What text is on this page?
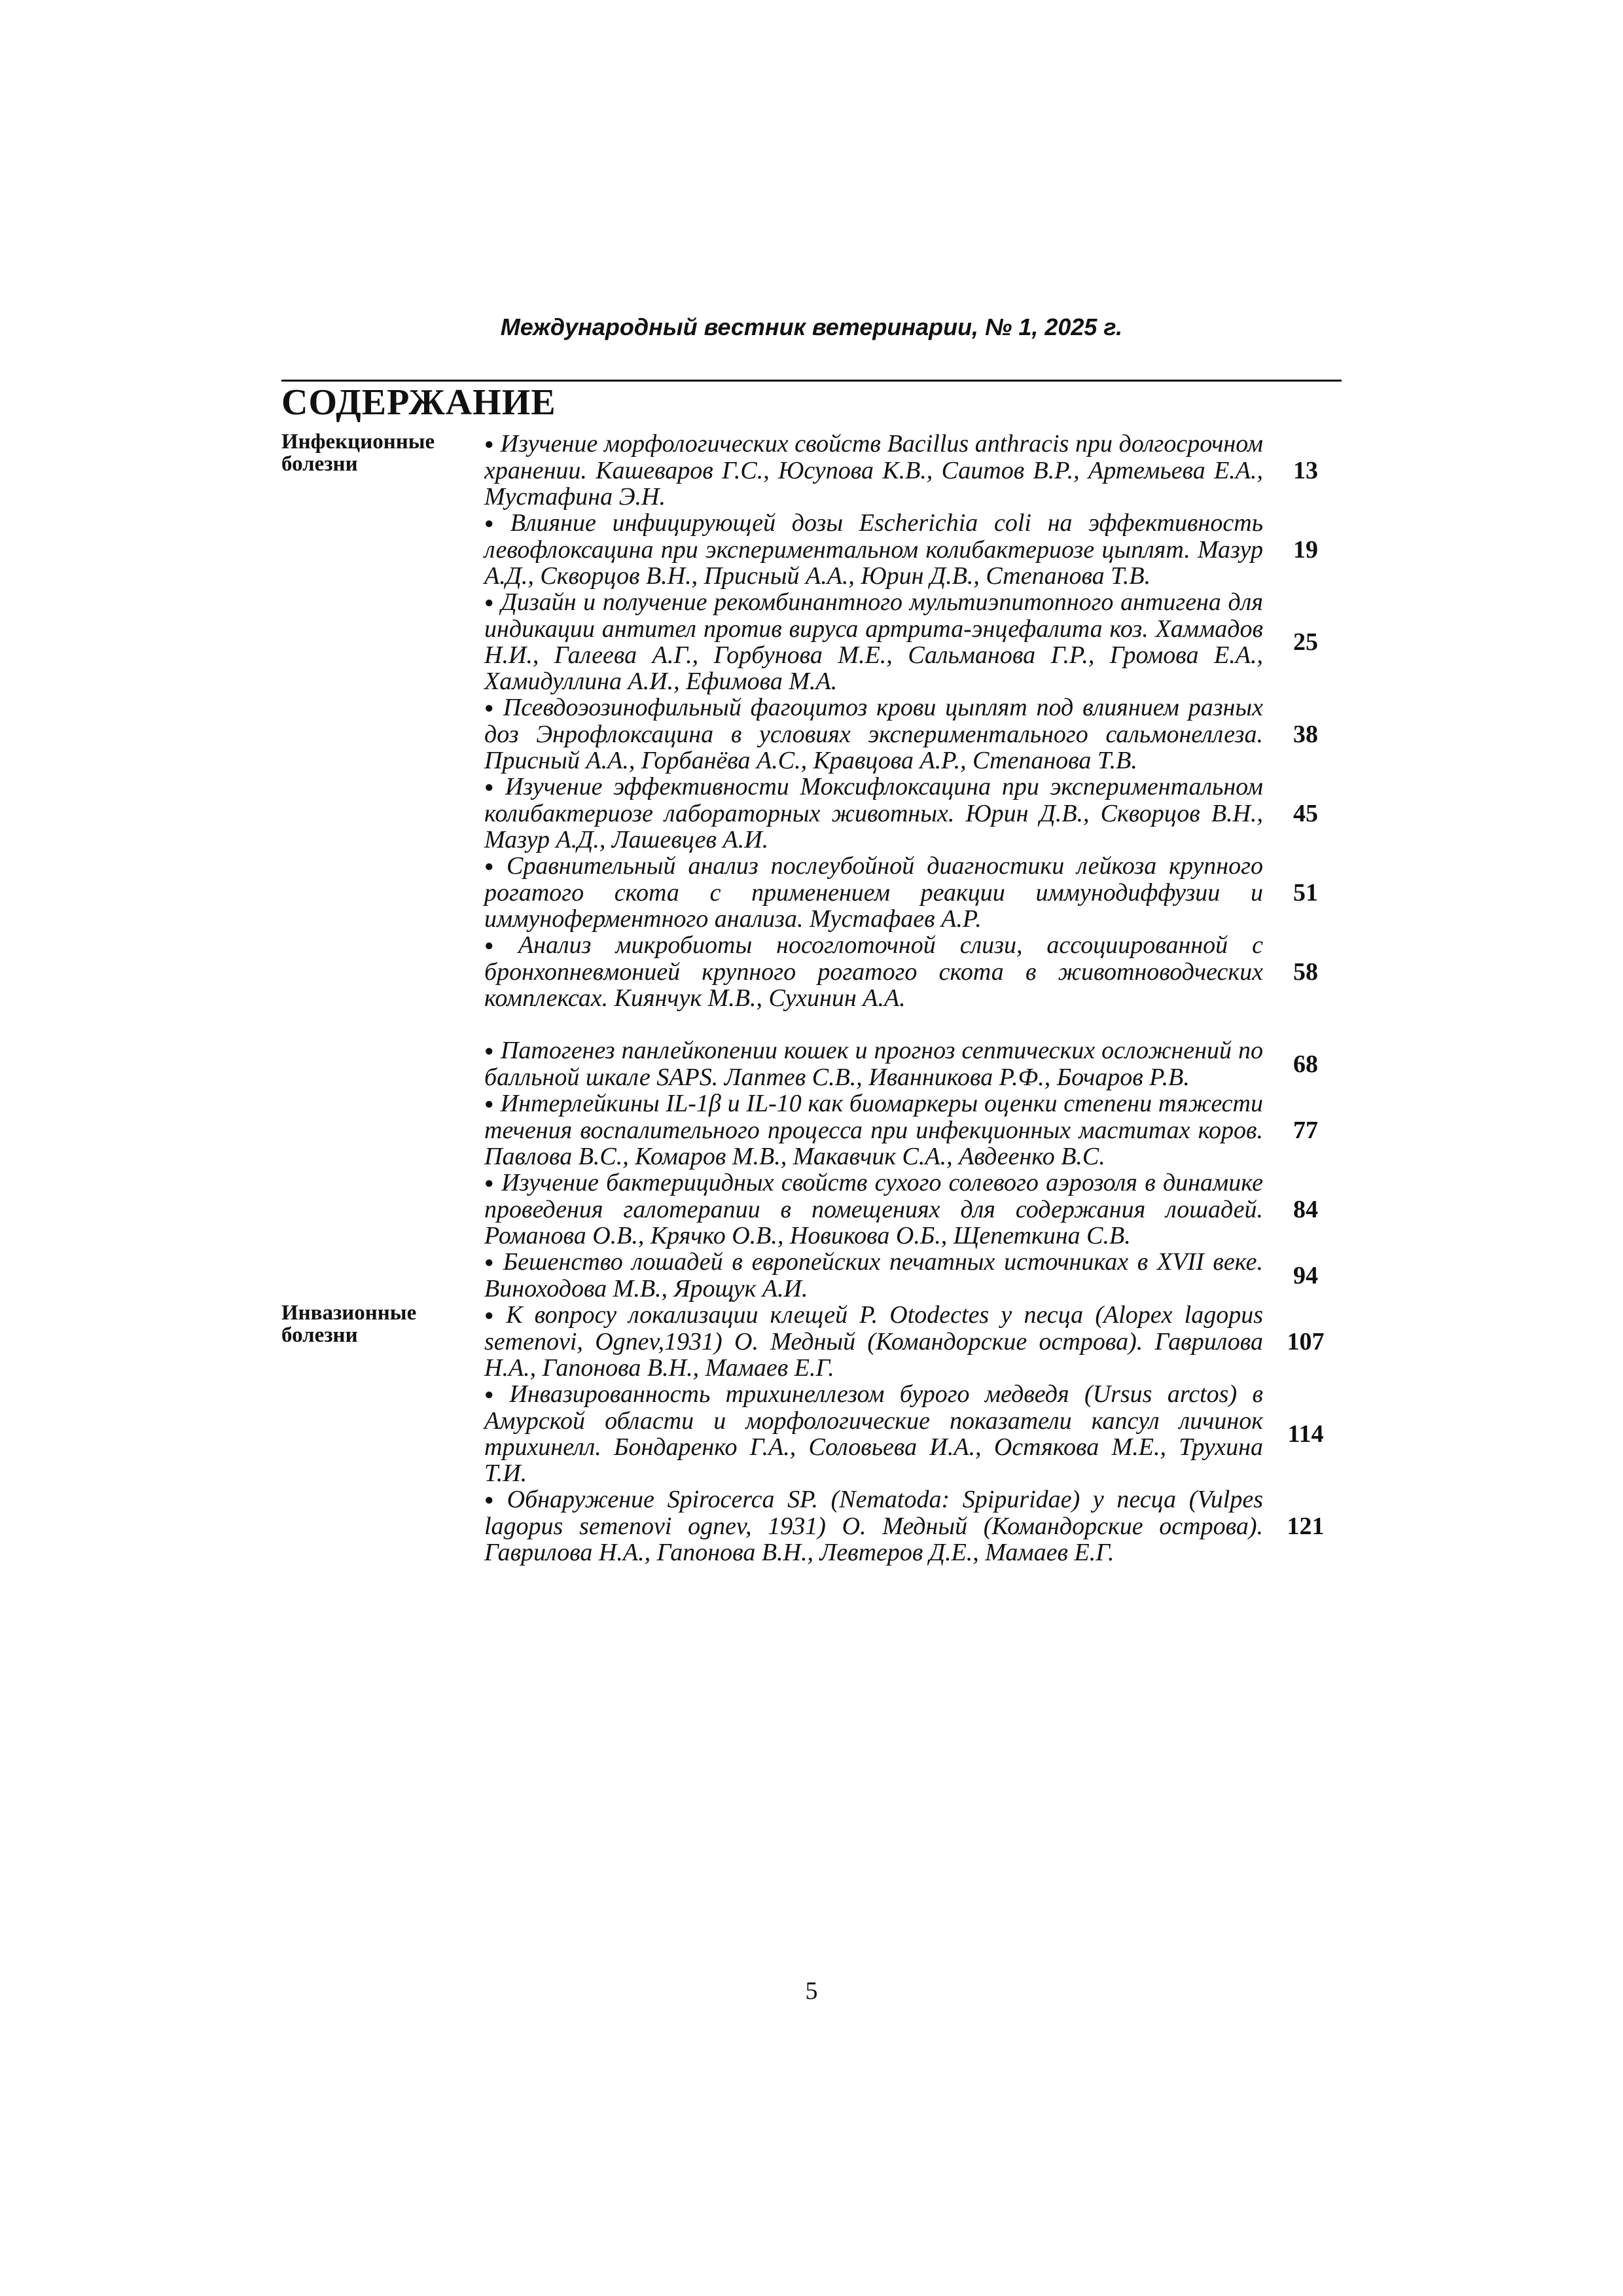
Международный вестник ветеринарии, № 1, 2025 г.
СОДЕРЖАНИЕ
Инфекционные болезни
● Изучение морфологических свойств Bacillus anthracis при долгосрочном хранении. Кашеваров Г.С., Юсупова К.В., Саитов В.Р., Артемьева Е.А., Мустафина Э.Н.
13
● Влияние инфицирующей дозы Escherichia coli на эффективность левофлоксацина при экспериментальном колибактериозе цыплят. Мазур А.Д., Скворцов В.Н., Присный А.А., Юрин Д.В., Степанова Т.В.
19
● Дизайн и получение рекомбинантного мультиэпитопного антигена для индикации антител против вируса артрита-энцефалита коз. Хаммадов Н.И., Галеева А.Г., Горбунова М.Е., Сальманова Г.Р., Громова Е.А., Хамидуллина А.И., Ефимова М.А.
25
● Псевдоэозинофильный фагоцитоз крови цыплят под влиянием разных доз Энрофлоксацина в условиях экспериментального сальмонеллеза. Присный А.А., Горбанёва А.С., Кравцова А.Р., Степанова Т.В.
38
● Изучение эффективности Моксифлоксацина при экспериментальном колибактериозе лабораторных животных. Юрин Д.В., Скворцов В.Н., Мазур А.Д., Лашевцев А.И.
45
● Сравнительный анализ послеубойной диагностики лейкоза крупного рогатого скота с применением реакции иммунодиффузии и иммуноферментного анализа. Мустафаев А.Р.
51
● Анализ микробиоты носоглоточной слизи, ассоциированной с бронхопневмонией крупного рогатого скота в животноводческих комплексах. Киянчук М.В., Сухинин А.А.
58
● Патогенез панлейкопении кошек и прогноз септических осложнений по балльной шкале SAPS. Лаптев С.В., Иванникова Р.Ф., Бочаров Р.В.	68
● Интерлейкины IL-1β и IL-10 как биомаркеры оценки степени тяжести течения воспалительного процесса при инфекционных маститах коров. Павлова В.С., Комаров М.В., Макавчик С.А., Авдеенко В.С.
77
● Изучение бактерицидных свойств сухого солевого аэрозоля в динамике проведения галотерапии в помещениях для содержания лошадей. Романова О.В., Крячко О.В., Новикова О.Б., Щепеткина С.В.
84
● Бешенство лошадей в европейских печатных источниках в XVII веке. Виноходова М.В., Ярощук А.И.	94
Инвазионные болезни
● К вопросу локализации клещей P. Otodectes у песца (Alopex lagopus semenovi, Ognev,1931) О. Медный (Командорские острова). Гаврилова Н.А., Гапонова В.Н., Мамаев Е.Г.
107
● Инвазированность трихинеллезом бурого медведя (Ursus arctos) в Амурской области и морфологические показатели капсул личинок трихинелл. Бондаренко Г.А., Соловьева И.А., Остякова М.Е., Трухина Т.И.
114
● Обнаружение Spirocerca SP. (Nematoda: Spipuridae) у песца (Vulpes lagopus semenovi ognev, 1931) О. Медный (Командорские острова). Гаврилова Н.А., Гапонова В.Н., Левтеров Д.Е., Мамаев Е.Г.
121
5
